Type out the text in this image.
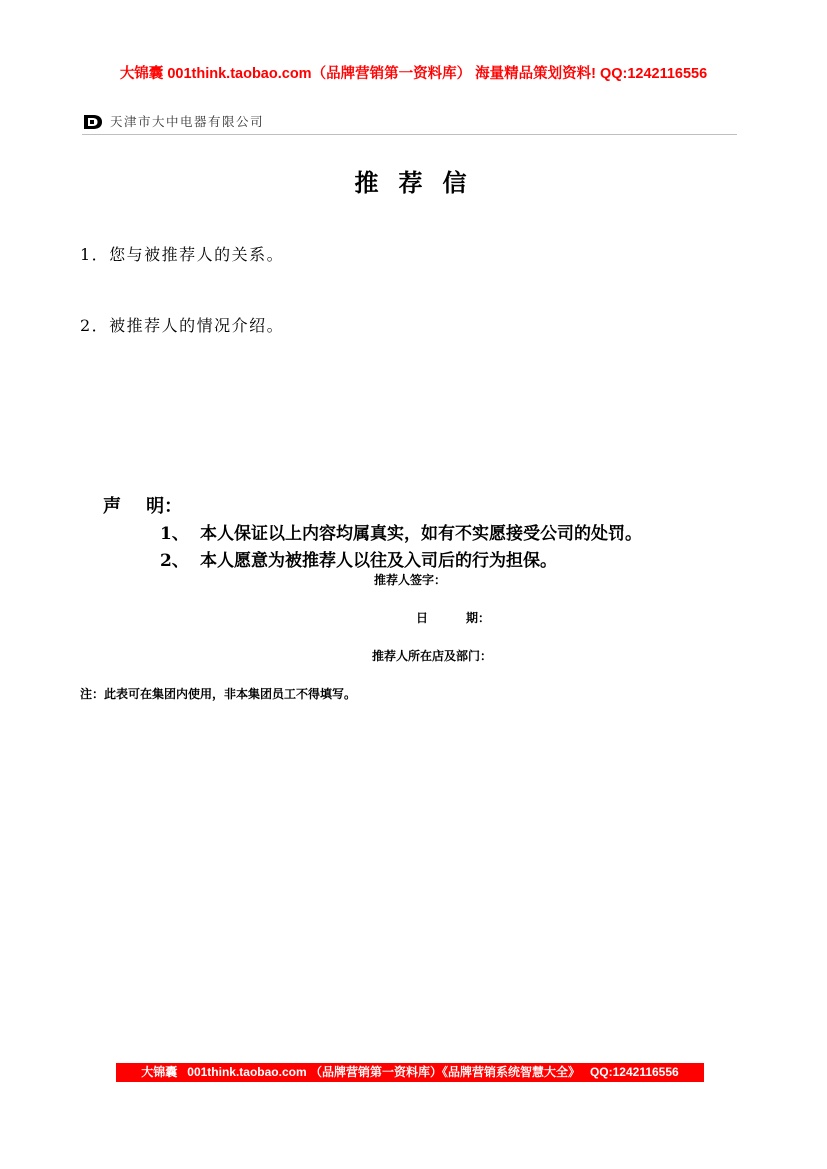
大锦囊 001think.taobao.com（品牌营销第一资料库） 海量精品策划资料! QQ:1242116556
天津市大中电器有限公司
推荐信
1．您与被推荐人的关系。
2．被推荐人的情况介绍。
声    明：
1、 本人保证以上内容均属真实，如有不实愿接受公司的处罚。
2、 本人愿意为被推荐人以往及入司后的行为担保。
推荐人签字：
日	期：
推荐人所在店及部门：
注：此表可在集团内使用，非本集团员工不得填写。
大锦囊   001think.taobao.com （品牌营销第一资料库）《品牌营销系统智慧大全》   QQ:1242116556
